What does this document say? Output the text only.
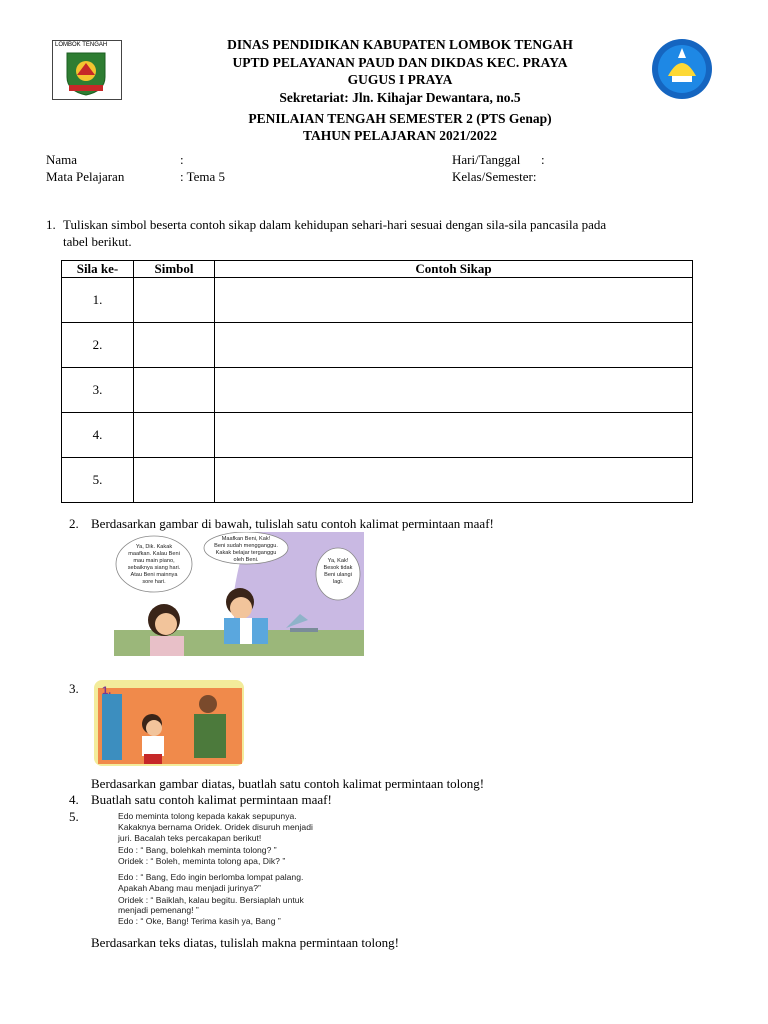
LOMBOK TENGAH	DINAS PENDIDIKAN KABUPATEN LOMBOK TENGAH
UPTD PELAYANAN PAUD DAN DIKDAS KEC. PRAYA
GUGUS I PRAYA
Sekretariat: Jln. Kihajar Dewantara, no.5
PENILAIAN TENGAH SEMESTER 2 (PTS Genap)
TAHUN PELAJARAN 2021/2022
Nama	:
Mata Pelajaran	: Tema 5
Hari/Tanggal :
Kelas/Semester:
1. Tuliskan simbol beserta contoh sikap dalam kehidupan sehari-hari sesuai dengan sila-sila pancasila pada
tabel berikut.
Sila ke-	Simbol	Contoh Sikap
1.		
2.		
3.		
4.		
5.		
2. Berdasarkan gambar di bawah, tulislah satu contoh kalimat permintaan maaf!
Ya, Dik. Kakak
maafkan. Kalau Beni
mau main piano,
sebaiknya siang hari.
Atau Beni mainnya
sore hari.
Maafkan Beni, Kak!
Beni sudah mengganggu.
Kakak belajar terganggu
oleh Beni.	Ya, Kak!
Besok tidak
Beni ulangi
lagi.
3. 1.
Berdasarkan gambar diatas, buatlah satu contoh kalimat permintaan tolong!
4. Buatlah satu contoh kalimat permintaan maaf!
5.	Edo meminta tolong kepada kakak sepupunya.
Kakaknya bernama Oridek. Oridek disuruh menjadi
juri. Bacalah teks percakapan berikut!
Edo : “ Bang, bolehkah meminta tolong? ”
Oridek : “ Boleh, meminta tolong apa, Dik? ”
Edo : “ Bang, Edo ingin berlomba lompat palang.
Apakah Abang mau menjadi jurinya?”
Oridek : “ Baiklah, kalau begitu. Bersiaplah untuk
menjadi pemenang! ”
Edo : “ Oke, Bang! Terima kasih ya, Bang ”
Berdasarkan teks diatas, tulislah makna permintaan tolong!
